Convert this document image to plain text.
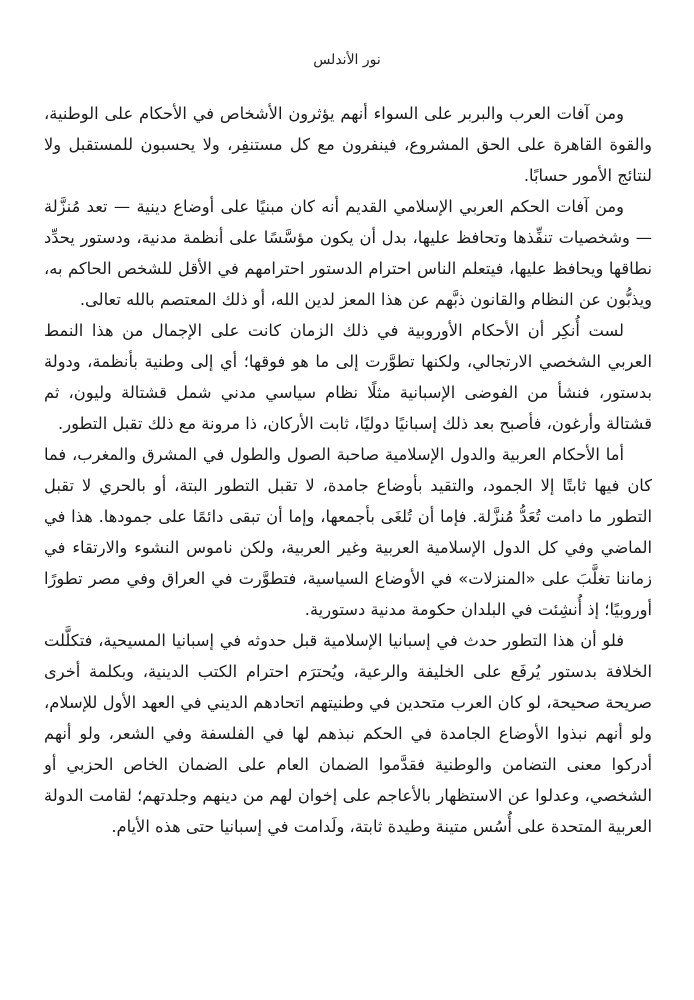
نور الأندلس

ومن آفات العرب والبربر على السواء أنهم يؤثرون الأشخاص في الأحكام على الوطنية، والقوة القاهرة على الحق المشروع، فينفرون مع كل مستنفِر، ولا يحسبون للمستقبل ولا لنتائج الأمور حسابًا.

ومن آفات الحكم العربي الإسلامي القديم أنه كان مبنيًا على أوضاع دينية — تعد مُنزَّلة — وشخصيات تنفِّذها وتحافظ عليها، بدل أن يكون مؤسَّسًا على أنظمة مدنية، ودستور يحدِّد نطاقها ويحافظ عليها، فيتعلم الناس احترام الدستور احترامهم في الأقل للشخص الحاكم به، ويذبُّون عن النظام والقانون ذبَّهم عن هذا المعز لدين الله، أو ذلك المعتصم بالله تعالى.

لست أُنكِر أن الأحكام الأوروبية في ذلك الزمان كانت على الإجمال من هذا النمط العربي الشخصي الارتجالي، ولكنها تطوَّرت إلى ما هو فوقها؛ أي إلى وطنية بأنظمة، ودولة بدستور، فنشأ من الفوضى الإسبانية مثلًا نظام سياسي مدني شمل قشتالة وليون، ثم قشتالة وأرغون، فأصبح بعد ذلك إسبانيًا دوليًا، ثابت الأركان، ذا مرونة مع ذلك تقبل التطور.

أما الأحكام العربية والدول الإسلامية صاحبة الصول والطول في المشرق والمغرب، فما كان فيها ثابتًا إلا الجمود، والتقيد بأوضاع جامدة، لا تقبل التطور البتة، أو بالحري لا تقبل التطور ما دامت تُعَدُّ مُنزَّلة. فإما أن تُلغَى بأجمعها، وإما أن تبقى دائمًا على جمودها. هذا في الماضي وفي كل الدول الإسلامية العربية وغير العربية، ولكن ناموس النشوء والارتقاء في زماننا تغلَّبَ على «المنزلات» في الأوضاع السياسية، فتطوَّرت في العراق وفي مصر تطورًا أوروبيًا؛ إذ أُنشِئت في البلدان حكومة مدنية دستورية.

فلو أن هذا التطور حدث في إسبانيا الإسلامية قبل حدوثه في إسبانيا المسيحية، فتكلَّلت الخلافة بدستور يُرفَع على الخليفة والرعية، ويُحترَم احترام الكتب الدينية، وبكلمة أخرى صريحة صحيحة، لو كان العرب متحدين في وطنيتهم اتحادهم الديني في العهد الأول للإسلام، ولو أنهم نبذوا الأوضاع الجامدة في الحكم نبذهم لها في الفلسفة وفي الشعر، ولو أنهم أدركوا معنى التضامن والوطنية فقدَّموا الضمان العام على الضمان الخاص الحزبي أو الشخصي، وعدلوا عن الاستظهار بالأعاجم على إخوان لهم من دينهم وجلدتهم؛ لقامت الدولة العربية المتحدة على أُسُس متينة وطيدة ثابتة، ولَدامت في إسبانيا حتى هذه الأيام.
